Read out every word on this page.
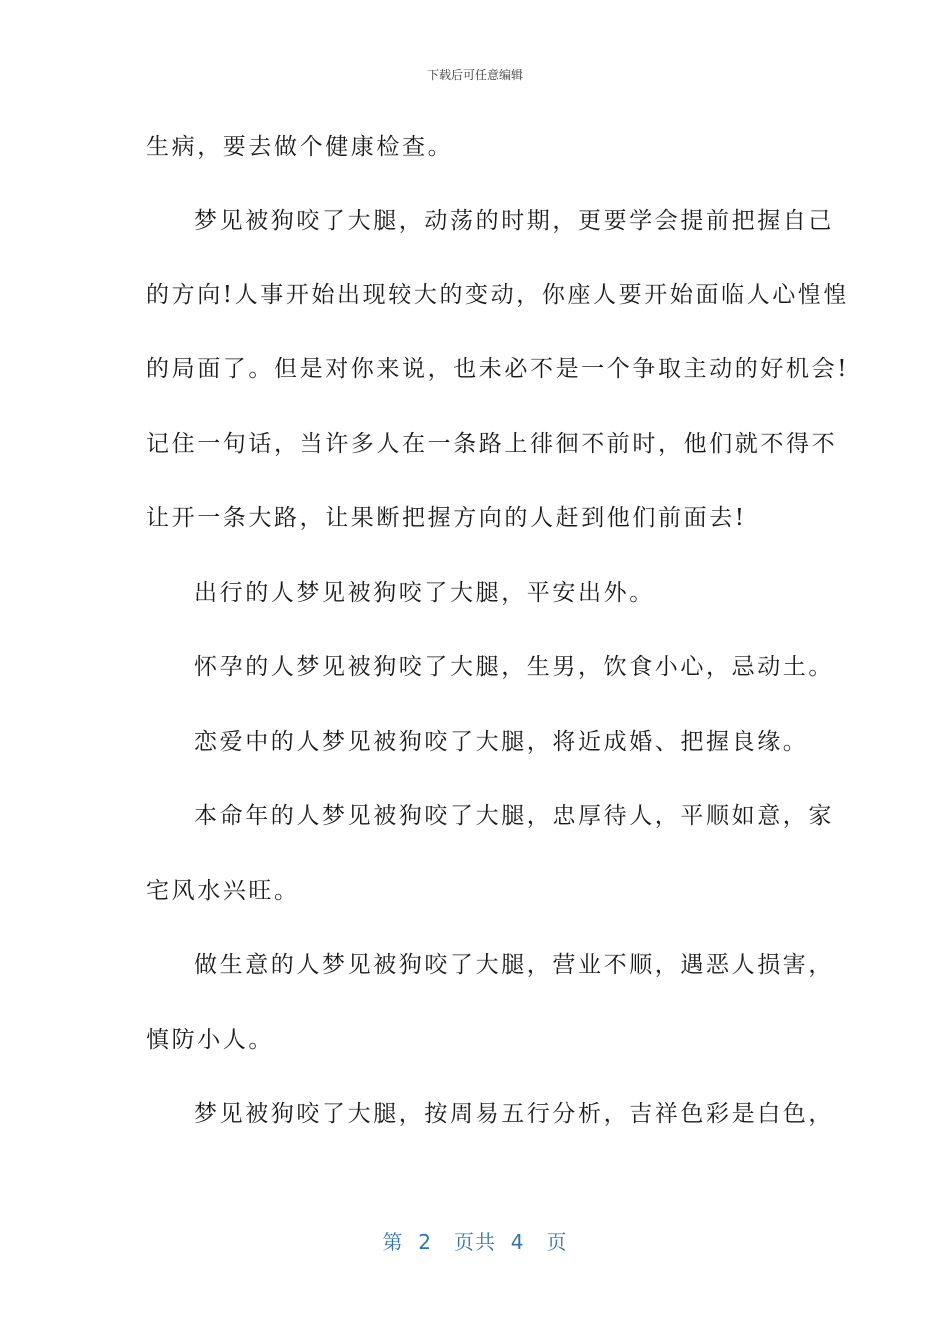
下载后可任意编辑
生病，要去做个健康检查。
梦见被狗咬了大腿，动荡的时期，更要学会提前把握自己
的方向!人事开始出现较大的变动，你座人要开始面临人心惶惶
的局面了。但是对你来说，也未必不是一个争取主动的好机会!
记住一句话，当许多人在一条路上徘徊不前时，他们就不得不
让开一条大路，让果断把握方向的人赶到他们前面去!
出行的人梦见被狗咬了大腿，平安出外。
怀孕的人梦见被狗咬了大腿，生男，饮食小心，忌动土。
恋爱中的人梦见被狗咬了大腿，将近成婚、把握良缘。
本命年的人梦见被狗咬了大腿，忠厚待人，平顺如意，家
宅风水兴旺。
做生意的人梦见被狗咬了大腿，营业不顺，遇恶人损害，
慎防小人。
梦见被狗咬了大腿，按周易五行分析，吉祥色彩是白色，
第  2   页共  4   页
